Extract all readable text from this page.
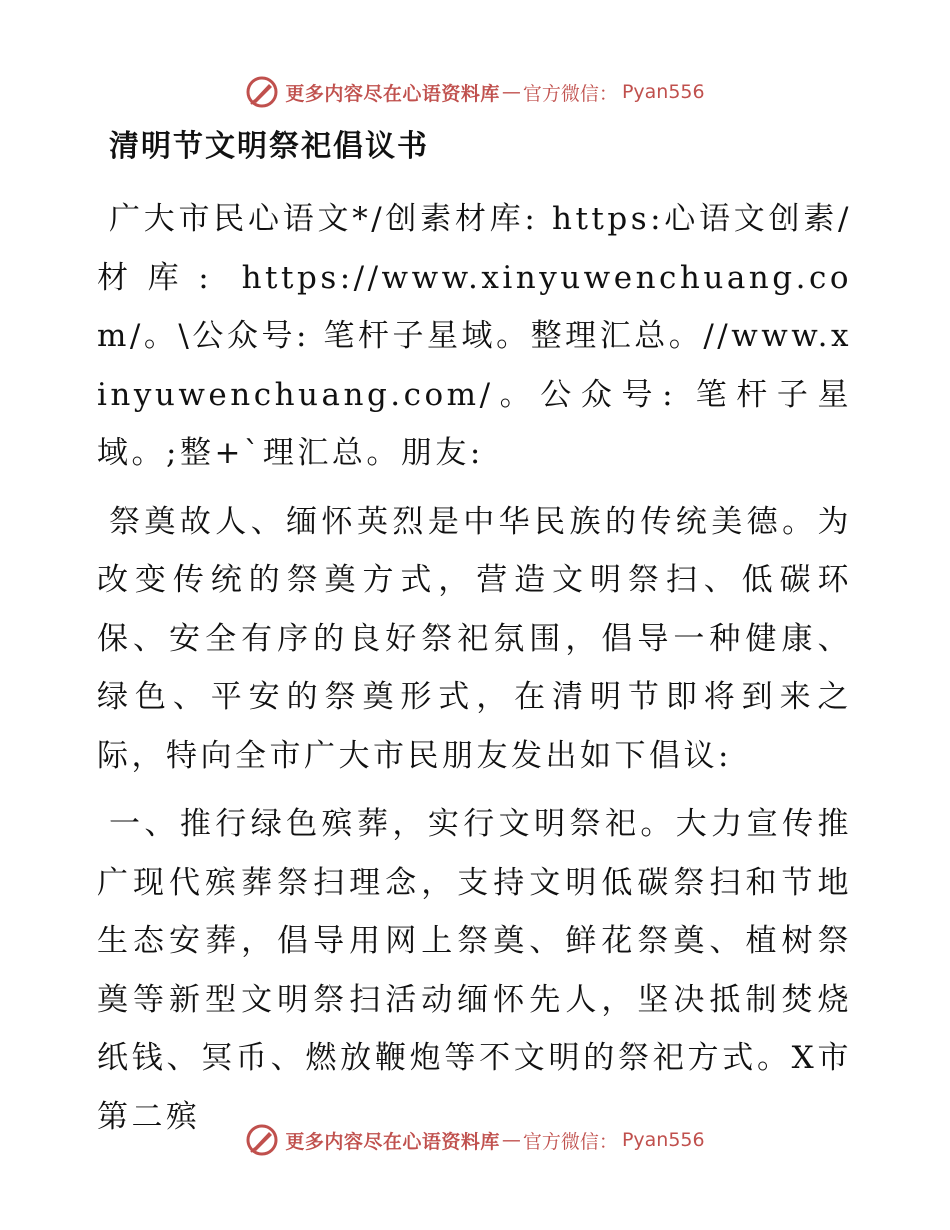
更多内容尽在心语资料库 — 官方微信： Pyan556
清明节文明祭祀倡议书

广大市民心语文*/创素材库: https:心语文创素/材库: https://www.xinyuwenchuang.com/。\公众号: 笔杆子星域。整理汇总。//www.xinyuwenchuang.com/。公众号: 笔杆子星域。;整+`理汇总。朋友:

祭奠故人、缅怀英烈是中华民族的传统美德。为改变传统的祭奠方式，营造文明祭扫、低碳环保、安全有序的良好祭祀氛围，倡导一种健康、绿色、平安的祭奠形式，在清明节即将到来之际，特向全市广大市民朋友发出如下倡议:

一、推行绿色殡葬，实行文明祭祀。大力宣传推广现代殡葬祭扫理念，支持文明低碳祭扫和节地生态安葬，倡导用网上祭奠、鲜花祭奠、植树祭奠等新型文明祭扫活动缅怀先人，坚决抵制焚烧纸钱、冥币、燃放鞭炮等不文明的祭祀方式。X市第二殡

更多内容尽在心语资料库 — 官方微信： Pyan556
